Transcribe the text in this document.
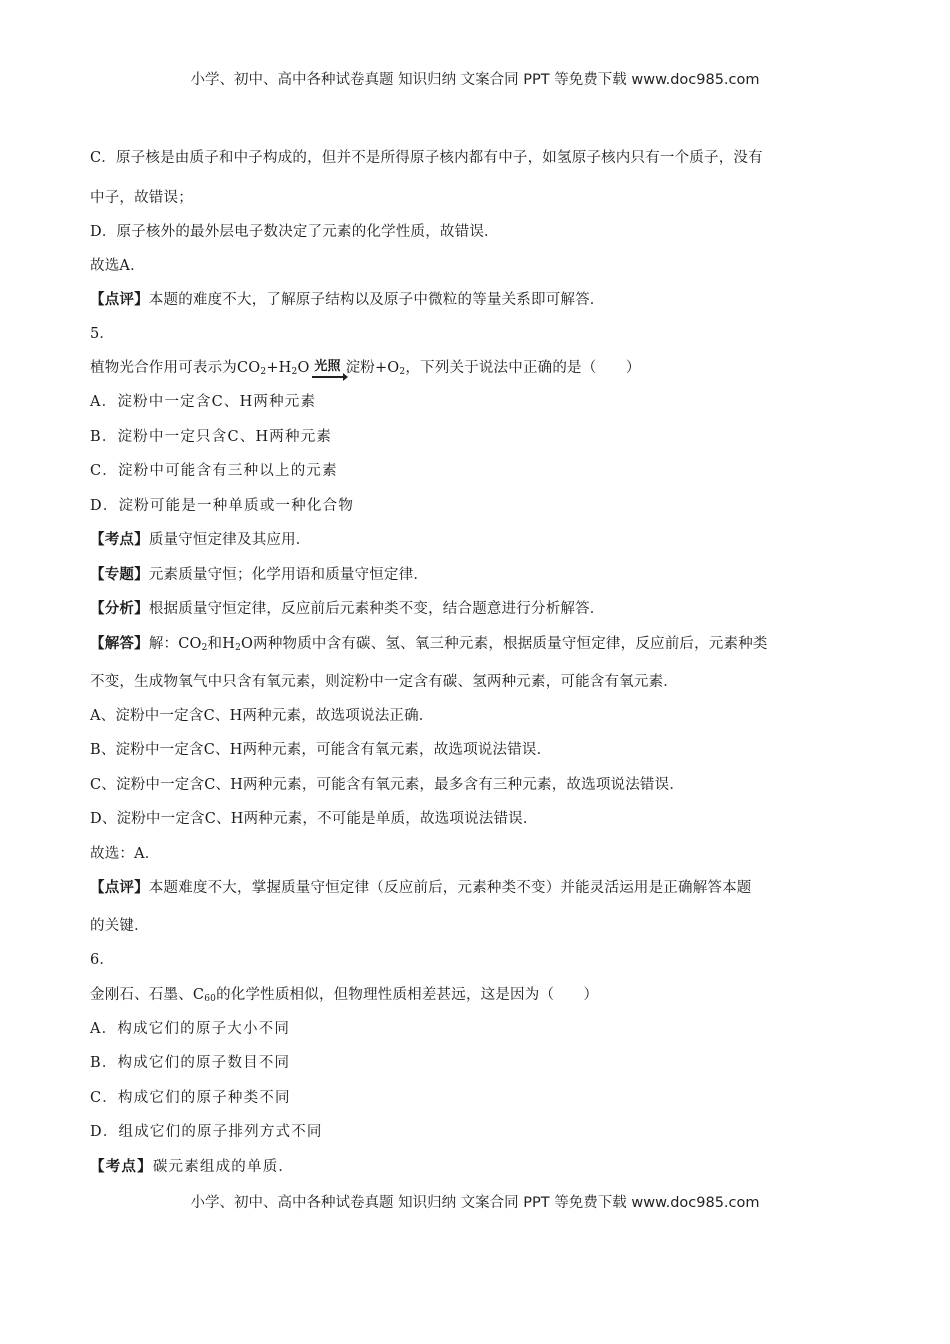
小学、初中、高中各种试卷真题 知识归纳 文案合同 PPT 等免费下载 www.doc985.com
C．原子核是由质子和中子构成的，但并不是所得原子核内都有中子，如氢原子核内只有一个质子，没有
中子，故错误；
D．原子核外的最外层电子数决定了元素的化学性质，故错误．
故选A．
【点评】本题的难度不大，了解原子结构以及原子中微粒的等量关系即可解答．
5．
植物光合作用可表示为$CO_2+H_2O$ 光照 淀粉$+O_2$，下列关于说法中正确的是（　　）
A．淀粉中一定含C、H两种元素
B．淀粉中一定只含C、H两种元素
C．淀粉中可能含有三种以上的元素
D．淀粉可能是一种单质或一种化合物
【考点】质量守恒定律及其应用．
【专题】元素质量守恒；化学用语和质量守恒定律．
【分析】根据质量守恒定律，反应前后元素种类不变，结合题意进行分析解答．
【解答】解：$CO_2$和$H_2O$两种物质中含有碳、氢、氧三种元素，根据质量守恒定律，反应前后，元素种类
不变，生成物氧气中只含有氧元素，则淀粉中一定含有碳、氢两种元素，可能含有氧元素．
A、淀粉中一定含C、H两种元素，故选项说法正确．
B、淀粉中一定含C、H两种元素，可能含有氧元素，故选项说法错误．
C、淀粉中一定含C、H两种元素，可能含有氧元素，最多含有三种元素，故选项说法错误．
D、淀粉中一定含C、H两种元素，不可能是单质，故选项说法错误．
故选：A．
【点评】本题难度不大，掌握质量守恒定律（反应前后，元素种类不变）并能灵活运用是正确解答本题
的关键．
6．
金刚石、石墨、$C_{60}$的化学性质相似，但物理性质相差甚远，这是因为（　　）
A．构成它们的原子大小不同
B．构成它们的原子数目不同
C．构成它们的原子种类不同
D．组成它们的原子排列方式不同
【考点】碳元素组成的单质．
小学、初中、高中各种试卷真题 知识归纳 文案合同 PPT 等免费下载 www.doc985.com
